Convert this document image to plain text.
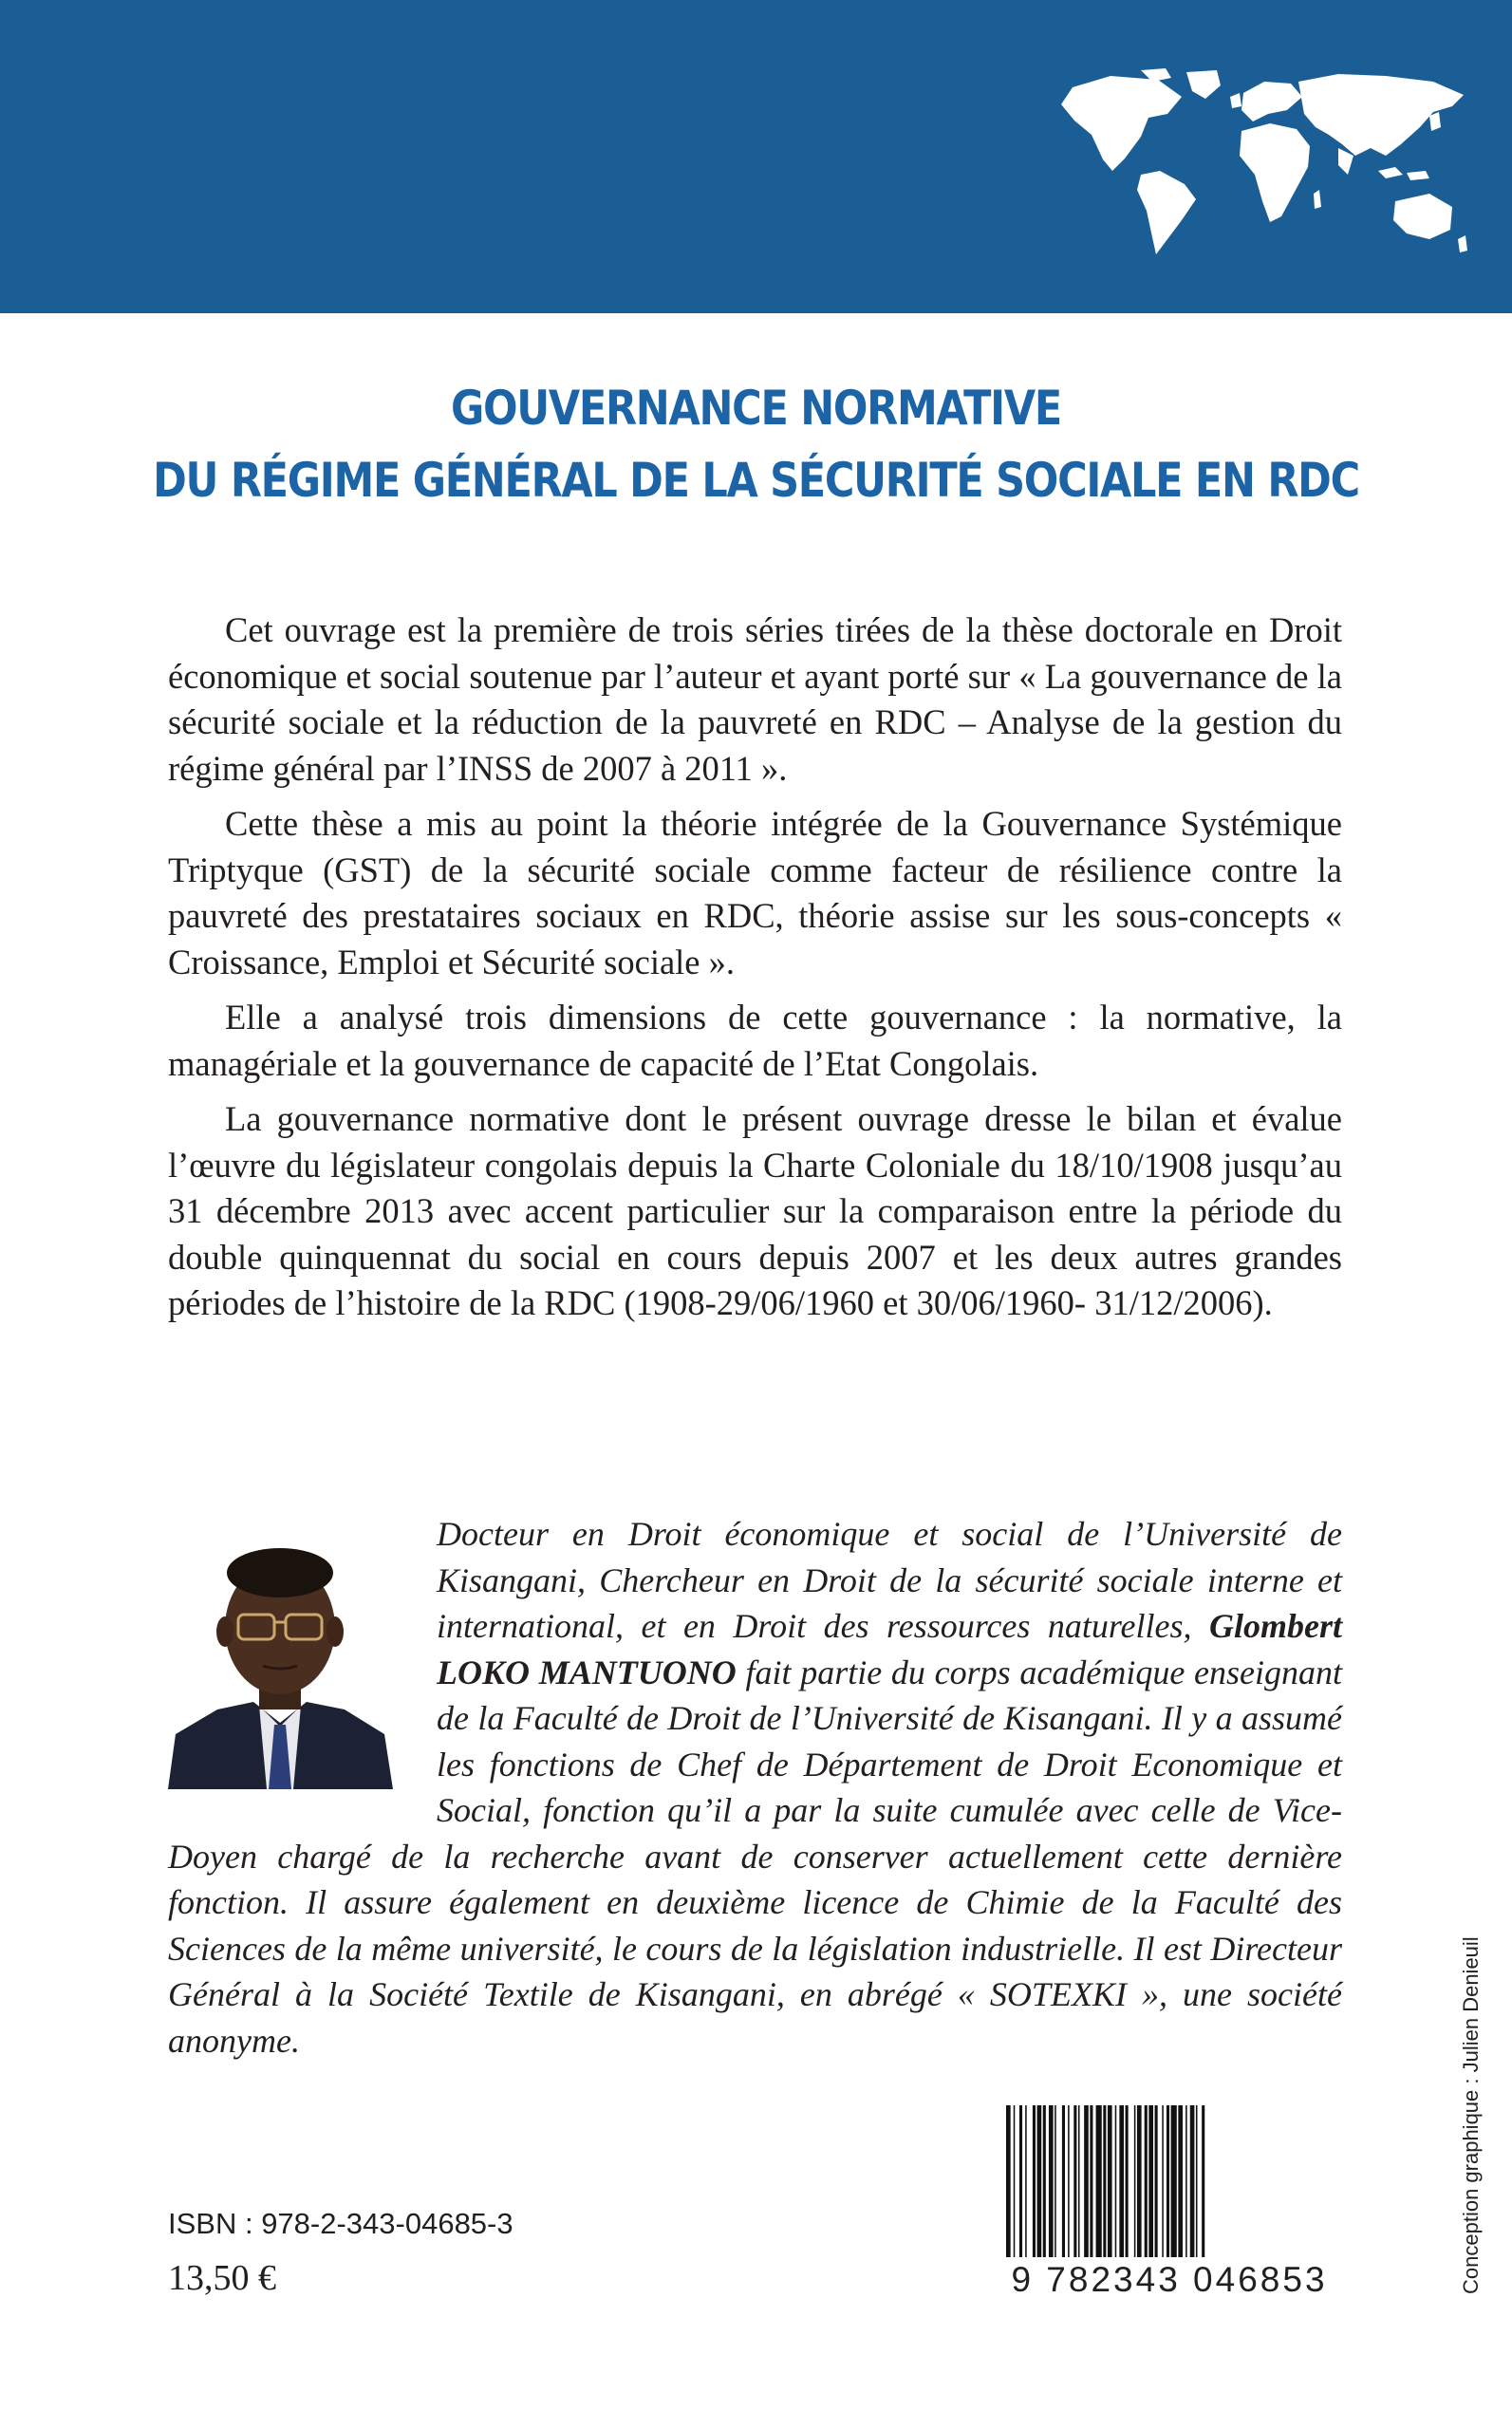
GOUVERNANCE NORMATIVE
DU RÉGIME GÉNÉRAL DE LA SÉCURITÉ SOCIALE EN RDC

Cet ouvrage est la première de trois séries tirées de la thèse doctorale en Droit économique et social soutenue par l’auteur et ayant porté sur « La gouvernance de la sécurité sociale et la réduction de la pauvreté en RDC – Analyse de la gestion du régime général par l’INSS de 2007 à 2011 ».

Cette thèse a mis au point la théorie intégrée de la Gouvernance Systémique Triptyque (GST) de la sécurité sociale comme facteur de résilience contre la pauvreté des prestataires sociaux en RDC, théorie assise sur les sous-concepts « Croissance, Emploi et Sécurité sociale ».

Elle a analysé trois dimensions de cette gouvernance : la normative, la managériale et la gouvernance de capacité de l’Etat Congolais.

La gouvernance normative dont le présent ouvrage dresse le bilan et évalue l’œuvre du législateur congolais depuis la Charte Coloniale du 18/10/1908 jusqu’au 31 décembre 2013 avec accent particulier sur la comparaison entre la période du double quinquennat du social en cours depuis 2007 et les deux autres grandes périodes de l’histoire de la RDC (1908-29/06/1960 et 30/06/1960- 31/12/2006).

Docteur en Droit économique et social de l’Université de Kisangani, Chercheur en Droit de la sécurité sociale interne et international, et en Droit des ressources naturelles, Glombert LOKO MANTUONO fait partie du corps académique enseignant de la Faculté de Droit de l’Université de Kisangani. Il y a assumé les fonctions de Chef de Département de Droit Economique et Social, fonction qu’il a par la suite cumulée avec celle de Vice-Doyen chargé de la recherche avant de conserver actuellement cette dernière fonction. Il assure également en deuxième licence de Chimie de la Faculté des Sciences de la même université, le cours de la législation industrielle. Il est Directeur Général à la Société Textile de Kisangani, en abrégé « SOTEXKI », une société anonyme.
ISBN : 978-2-343-04685-3
13,50 €	9 782343 046853	Conception graphique : Julien Denieuil
